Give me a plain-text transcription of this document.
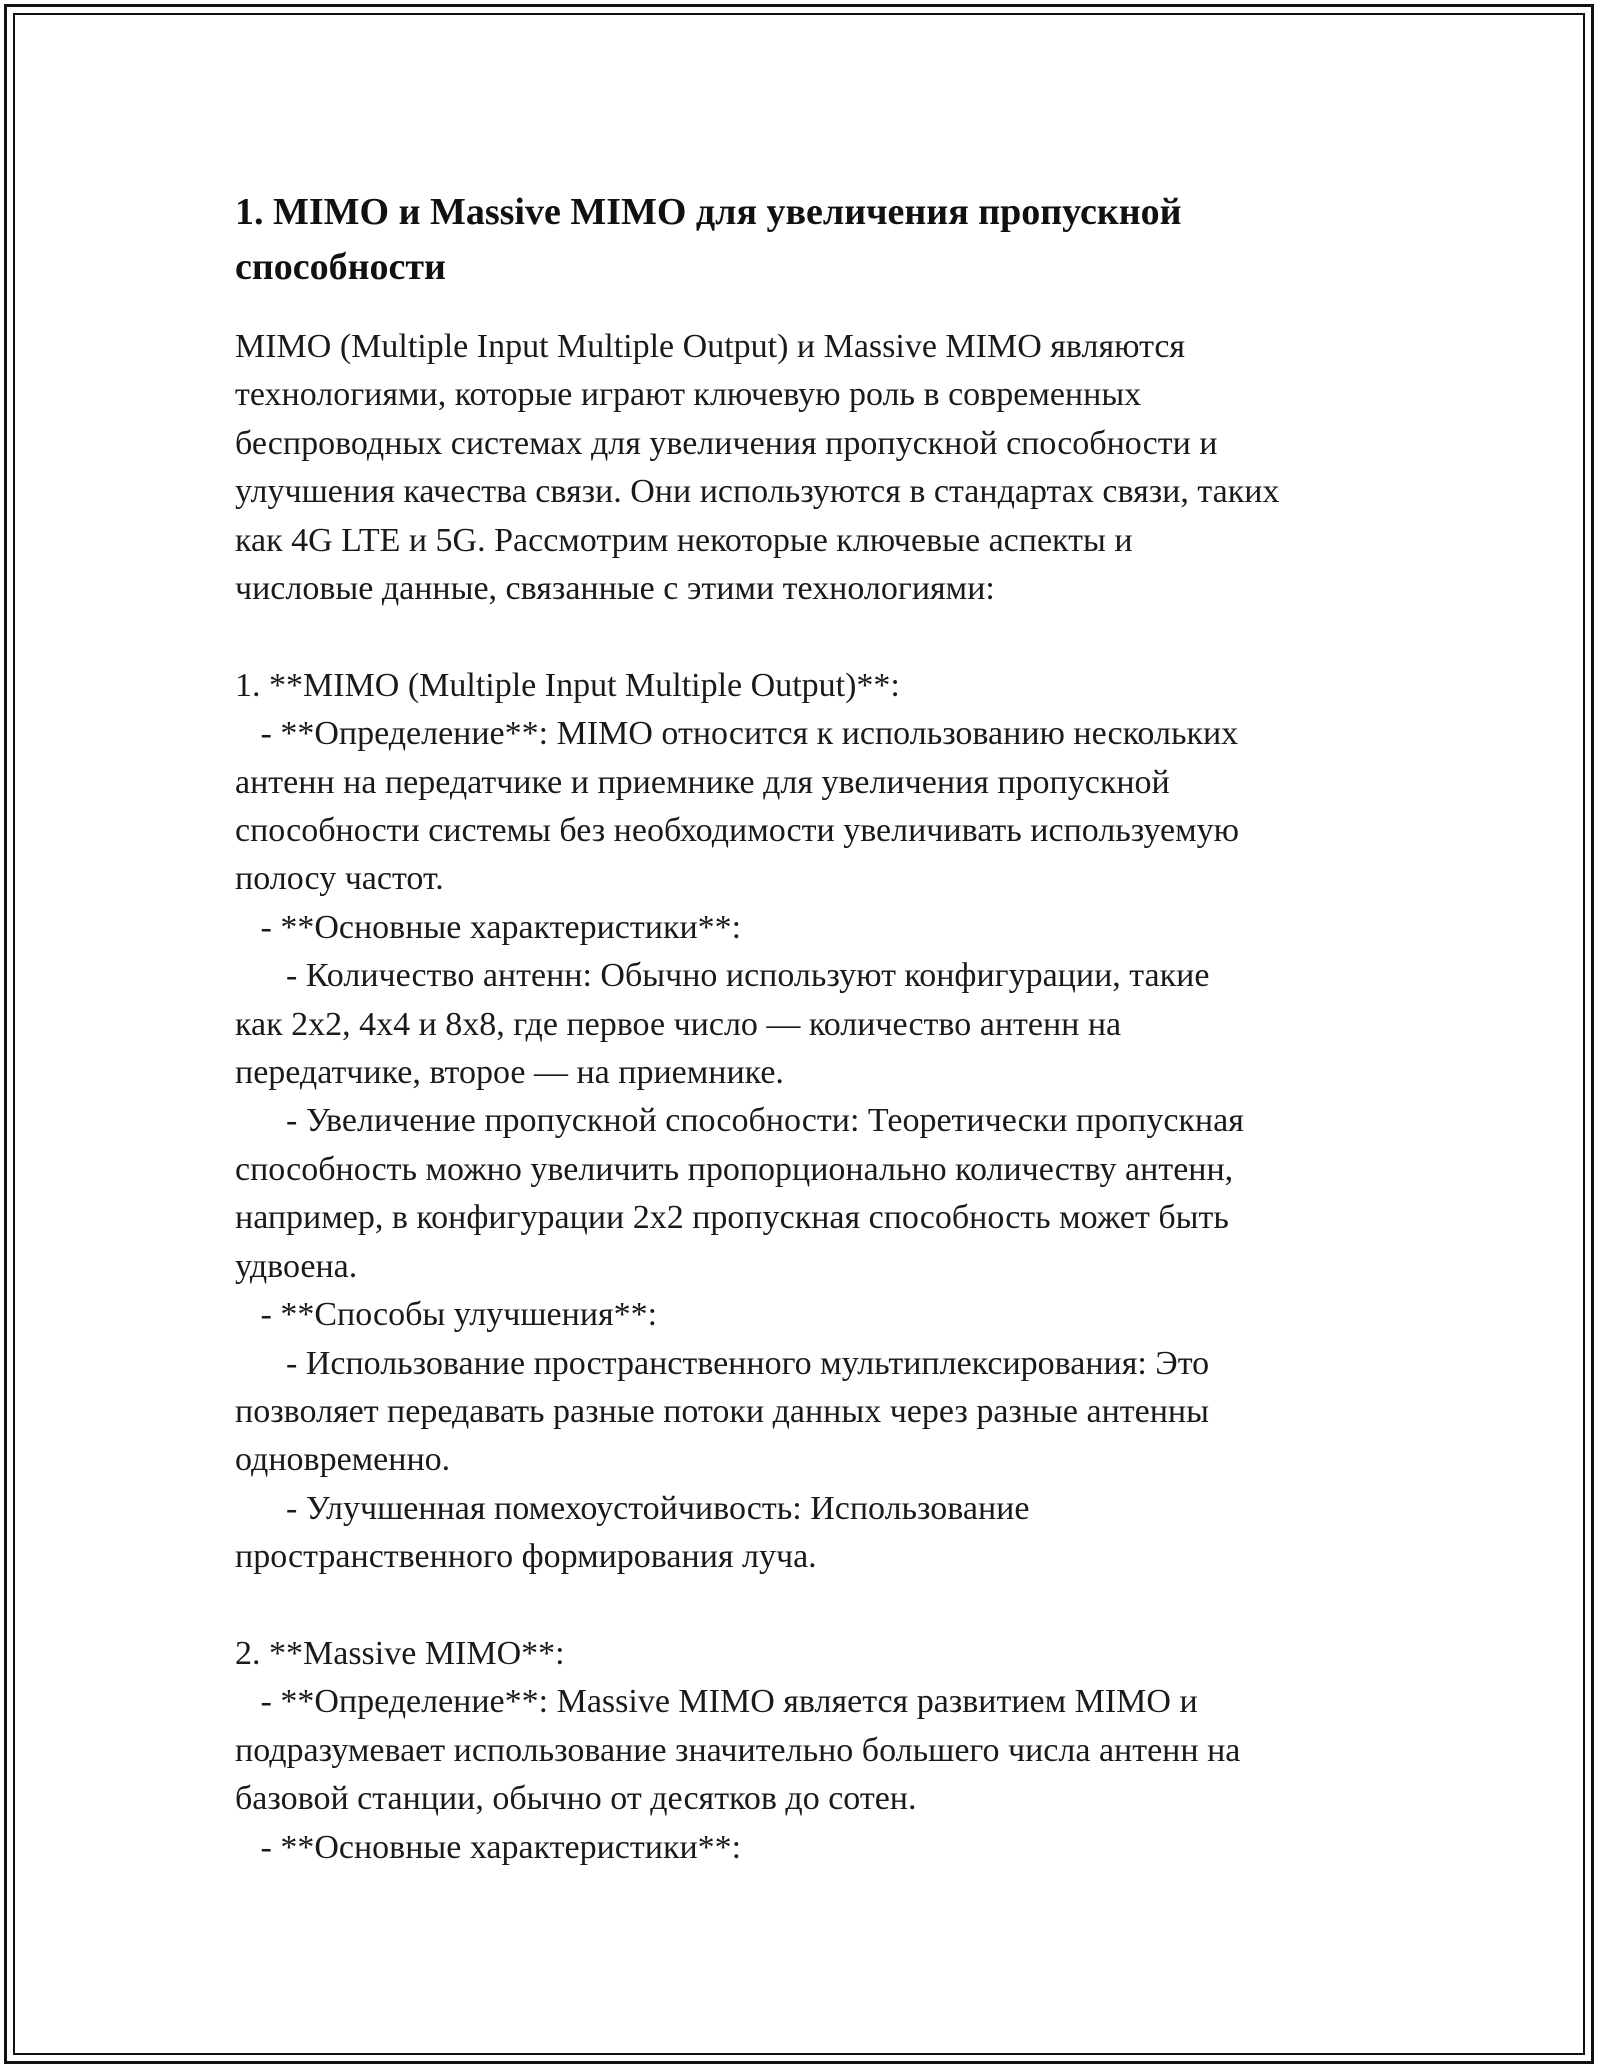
1. MIMO и Massive MIMO для увеличения пропускной
способности
MIMO (Multiple Input Multiple Output) и Massive MIMO являются
технологиями, которые играют ключевую роль в современных
беспроводных системах для увеличения пропускной способности и
улучшения качества связи. Они используются в стандартах связи, таких
как 4G LTE и 5G. Рассмотрим некоторые ключевые аспекты и
числовые данные, связанные с этими технологиями:
1. **MIMO (Multiple Input Multiple Output)**:
- **Определение**: MIMO относится к использованию нескольких
антенн на передатчике и приемнике для увеличения пропускной
способности системы без необходимости увеличивать используемую
полосу частот.
- **Основные характеристики**:
- Количество антенн: Обычно используют конфигурации, такие
как 2x2, 4x4 и 8x8, где первое число — количество антенн на
передатчике, второе — на приемнике.
- Увеличение пропускной способности: Теоретически пропускная
способность можно увеличить пропорционально количеству антенн,
например, в конфигурации 2x2 пропускная способность может быть
удвоена.
- **Способы улучшения**:
- Использование пространственного мультиплексирования: Это
позволяет передавать разные потоки данных через разные антенны
одновременно.
- Улучшенная помехоустойчивость: Использование
пространственного формирования луча.
2. **Massive MIMO**:
- **Определение**: Massive MIMO является развитием MIMO и
подразумевает использование значительно большего числа антенн на
базовой станции, обычно от десятков до сотен.
- **Основные характеристики**:
